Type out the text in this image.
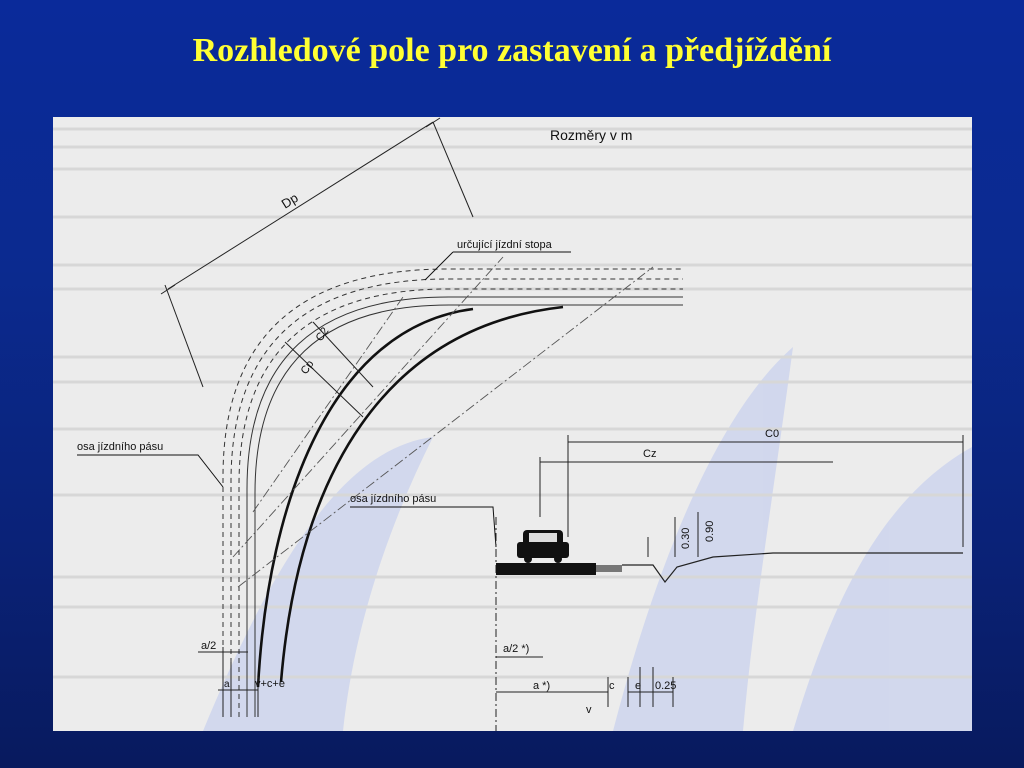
Rozhledové pole pro zastavení a předjíždění
Rozměry v m
Dp
určující jízdní stopa
C2
Cp
osa jízdního pásu
osa jízdního pásu
C0
Cz
0.30 0.90
a/2
a v+c+e
a/2 *)
a *)	c e
v
0.25
